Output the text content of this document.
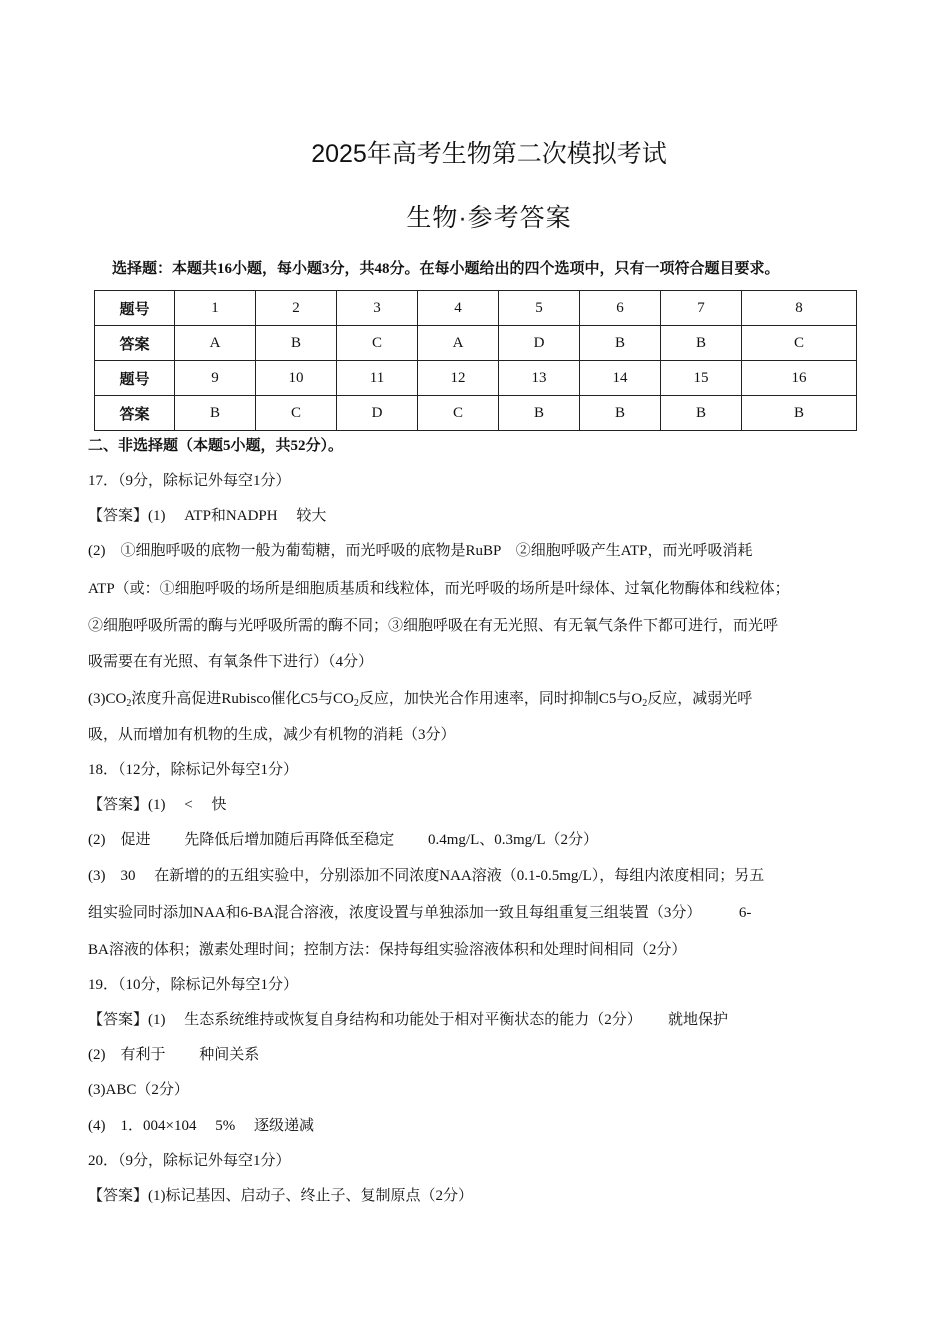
2025年高考生物第二次模拟考试
生物·参考答案
选择题：本题共16小题，每小题3分，共48分。在每小题给出的四个选项中，只有一项符合题目要求。
题号	1	2	3	4	5	6	7	8
答案	A	B	C	A	D	B	B	C
题号	9	10	11	12	13	14	15	16
答案	B	C	D	C	B	B	B	B
二、非选择题（本题5小题，共52分）。
17．（9分，除标记外每空1分）
【答案】(1)　 ATP和NADPH　 较大
(2)　①细胞呼吸的底物一般为葡萄糖，而光呼吸的底物是RuBP　②细胞呼吸产生ATP，而光呼吸消耗
ATP（或：①细胞呼吸的场所是细胞质基质和线粒体，而光呼吸的场所是叶绿体、过氧化物酶体和线粒体；
②细胞呼吸所需的酶与光呼吸所需的酶不同；③细胞呼吸在有无光照、有无氧气条件下都可进行，而光呼
吸需要在有光照、有氧条件下进行）（4分）
$(3)CO_2$浓度升高促进Rubisco催化C5与$CO_2$反应，加快光合作用速率，同时抑制C5与$O_2$反应，减弱光呼
吸，从而增加有机物的生成，减少有机物的消耗（3分）
18．（12分，除标记外每空1分）
【答案】(1)　 <　 快
(2)　促进　　 先降低后增加随后再降低至稳定　　 0.4mg/L、0.3mg/L（2分）
(3)　30　 在新增的的五组实验中，分别添加不同浓度NAA溶液（0.1-0.5mg/L），每组内浓度相同；另五
组实验同时添加NAA和6-BA混合溶液，浓度设置与单独添加一致且每组重复三组装置（3分）　　　6-
BA溶液的体积；激素处理时间；控制方法：保持每组实验溶液体积和处理时间相同（2分）
19．（10分，除标记外每空1分）
【答案】(1)　 生态系统维持或恢复自身结构和功能处于相对平衡状态的能力（2分）　　 就地保护
(2)　有利于　　 种间关系
(3)ABC（2分）
(4)　1．004×104　 5%　 逐级递减
20．（9分，除标记外每空1分）
【答案】(1)标记基因、启动子、终止子、复制原点（2分）
